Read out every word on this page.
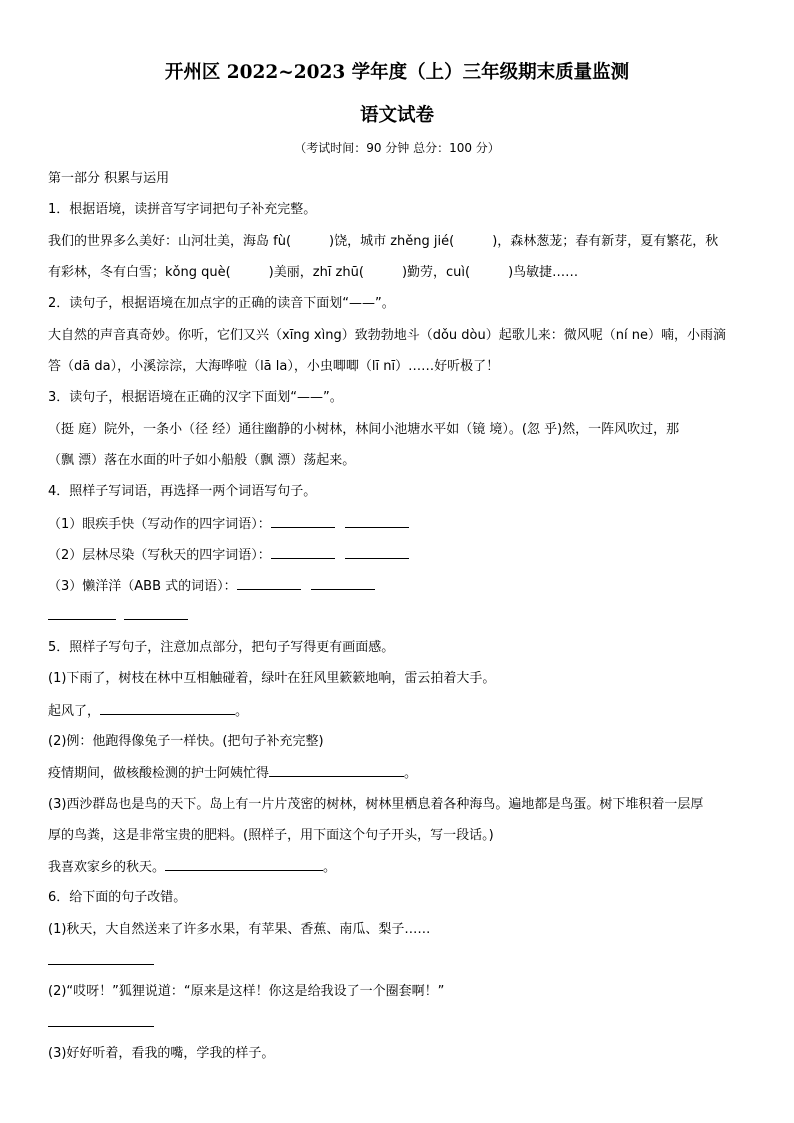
开州区 2022~2023 学年度（上）三年级期末质量监测
语文试卷
（考试时间：90 分钟 总分：100 分）
第一部分 积累与运用
1．根据语境，读拼音写字词把句子补充完整。
我们的世界多么美好：山河壮美，海岛 fù(	)饶，城市 zhěng jié(	)，森林葱茏；春有新芽，夏有繁花，秋
有彩林，冬有白雪；kǒng què(	)美丽，zhī zhū(	)勤劳，cuì(	)鸟敏捷……
2．读句子，根据语境在加点字的正确的读音下面划“——”。
大自然的声音真奇妙。你听，它们又兴（xīng xìng）致勃勃地斗（dǒu dòu）起歌儿来：微风呢（ní ne）喃，小雨滴
答（dā da），小溪淙淙，大海哗啦（lā la），小虫唧唧（lī nī）……好听极了！
3．读句子，根据语境在正确的汉字下面划“——”。
（挺 庭）院外，一条小（径 经）通往幽静的小树林，林间小池塘水平如（镜 境）。(忽 乎)然，一阵风吹过，那
（飘 漂）落在水面的叶子如小船般（飘 漂）荡起来。
4．照样子写词语，再选择一两个词语写句子。
（1）眼疾手快（写动作的四字词语）：
（2）层林尽染（写秋天的四字词语）：
（3）懒洋洋（ABB 式的词语）：
5．照样子写句子，注意加点部分，把句子写得更有画面感。
(1)下雨了，树枝在林中互相触碰着，绿叶在狂风里簌簌地响，雷云拍着大手。
起风了，	。
(2)例：他跑得像兔子一样快。(把句子补充完整)
疫情期间，做核酸检测的护士阿姨忙得	。
(3)西沙群岛也是鸟的天下。岛上有一片片茂密的树林，树林里栖息着各种海鸟。遍地都是鸟蛋。树下堆积着一层厚
厚的鸟粪，这是非常宝贵的肥料。(照样子，用下面这个句子开头，写一段话。)
我喜欢家乡的秋天。	。
6．给下面的句子改错。
(1)秋天，大自然送来了许多水果，有苹果、香蕉、南瓜、梨子……
(2)“哎呀！”狐狸说道：“原来是这样！你这是给我设了一个圈套啊！”
(3)好好听着，看我的嘴，学我的样子。
